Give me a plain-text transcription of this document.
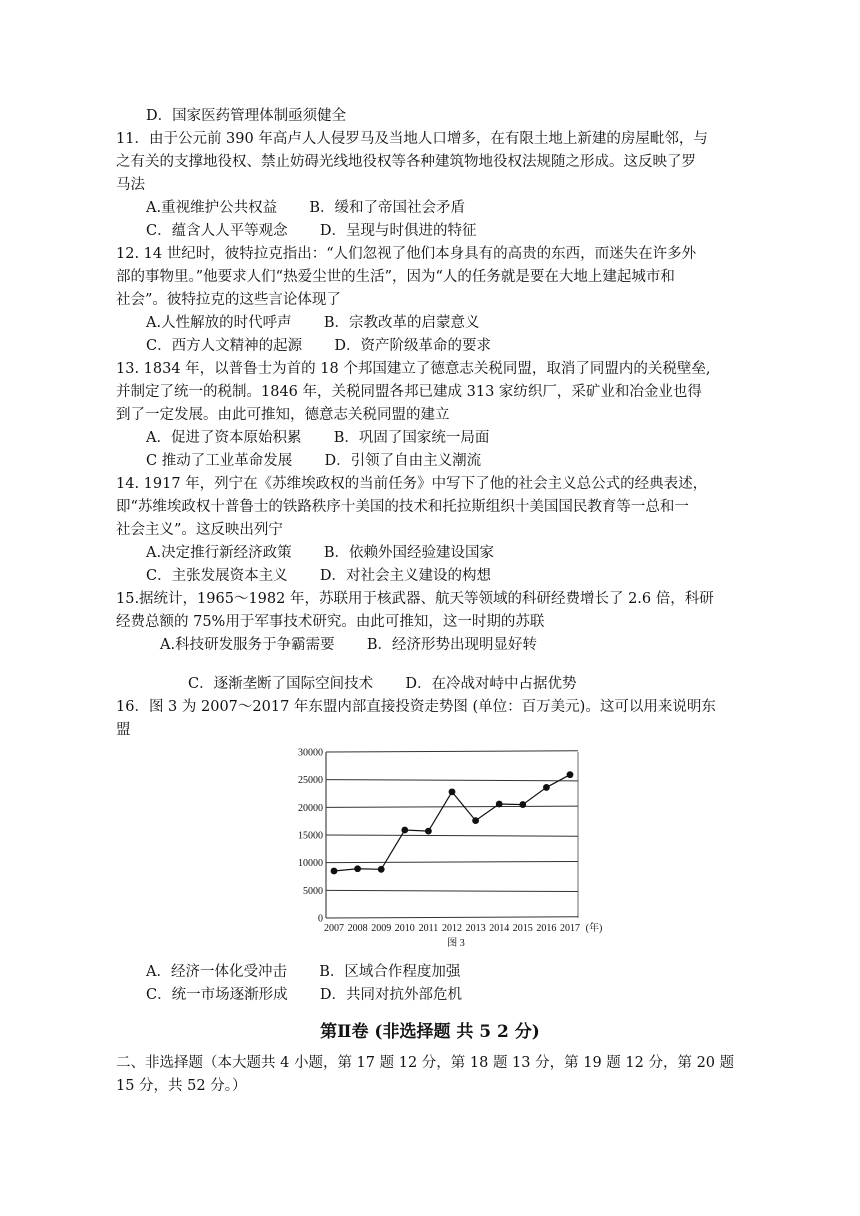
D．国家医药管理体制亟须健全
11．由于公元前 390 年高卢人人侵罗马及当地人口增多，在有限土地上新建的房屋毗邻，与
之有关的支撑地役权、禁止妨碍光线地役权等各种建筑物地役权法规随之形成。这反映了罗
马法
A.重视维护公共权益       B．缓和了帝国社会矛盾
C．蕴含人人平等观念       D．呈现与时俱进的特征
12. 14 世纪时，彼特拉克指出：“人们忽视了他们本身具有的高贵的东西，而迷失在许多外
部的事物里。”他要求人们“热爱尘世的生活”，因为“人的任务就是要在大地上建起城市和
社会”。彼特拉克的这些言论体现了
A.人性解放的时代呼声       B．宗教改革的启蒙意义
C．西方人文精神的起源       D．资产阶级革命的要求
13. 1834 年，以普鲁士为首的 18 个邦国建立了德意志关税同盟，取消了同盟内的关税壁垒,
并制定了统一的税制。1846 年，关税同盟各邦已建成 313 家纺织厂，采矿业和冶金业也得
到了一定发展。由此可推知，德意志关税同盟的建立
A．促进了资本原始积累       B．巩固了国家统一局面
C 推动了工业革命发展       D．引领了自由主义潮流
14. 1917 年，列宁在《苏维埃政权的当前任务》中写下了他的社会主义总公式的经典表述，
即“苏维埃政权十普鲁士的铁路秩序十美国的技术和托拉斯组织十美国国民教育等一总和一
社会主义”。这反映出列宁
A.决定推行新经济政策       B．依赖外国经验建设国家
C．主张发展资本主义       D．对社会主义建设的构想
15.据统计，1965～1982 年，苏联用于核武器、航天等领域的科研经费增长了 2.6 倍，科研
经费总额的 75%用于军事技术研究。由此可推知，这一时期的苏联
A.科技研发服务于争霸需要       B．经济形势出现明显好转
C．逐渐垄断了国际空间技术       D．在冷战对峙中占据优势
16．图 3 为 2007～2017 年东盟内部直接投资走势图 (单位：百万美元)。这可以用来说明东
盟
0
5000
10000
15000
20000
25000
30000
2007 2008 2009 2010 2011 2012 2013 2014 2015 2016 2017 (年)
图 3
A．经济一体化受冲击       B．区域合作程度加强
C．统一市场逐渐形成       D．共同对抗外部危机
第Ⅱ卷 (非选择题 共 5 2 分)
二、非选择题（本大题共 4 小题，第 17 题 12 分，第 18 题 13 分，第 19 题 12 分，第 20 题
15 分，共 52 分。）
